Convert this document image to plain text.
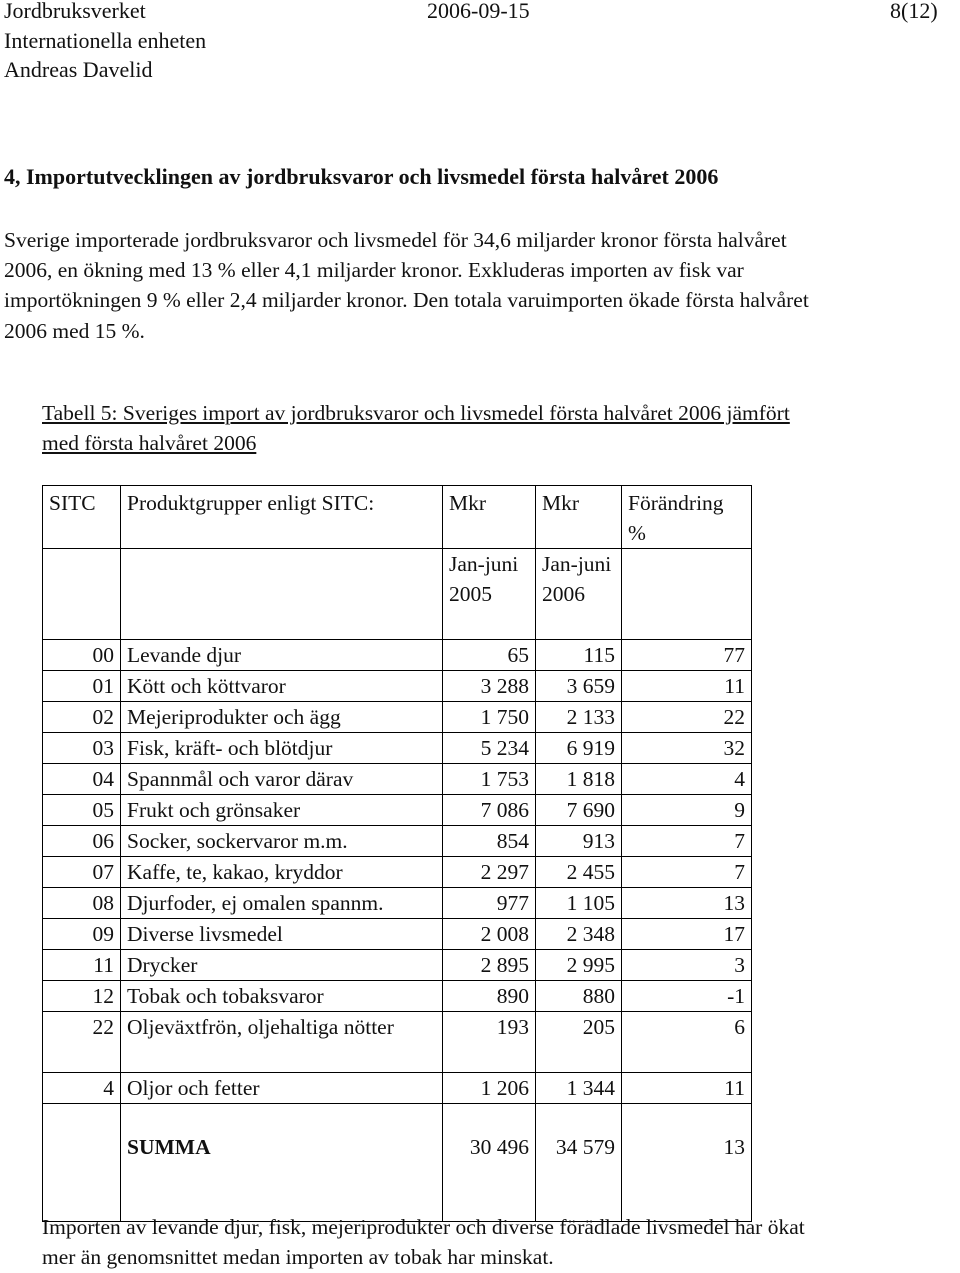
Jordbruksverket
Internationella enheten
Andreas Davelid
2006-09-15	8(12)
4, Importutvecklingen av jordbruksvaror och livsmedel första halvåret 2006
Sverige importerade jordbruksvaror och livsmedel för 34,6 miljarder kronor första halvåret
2006, en ökning med 13 % eller 4,1 miljarder kronor. Exkluderas importen av fisk var
importökningen 9 % eller 2,4 miljarder kronor. Den totala varuimporten ökade första halvåret
2006 med 15 %.
Tabell 5: Sveriges import av jordbruksvaror och livsmedel första halvåret 2006 jämfört
med första halvåret 2006
SITC	Produktgrupper enligt SITC:	Mkr	Mkr	Förändring %
		Jan-juni 2005	Jan-juni 2006	
00	Levande djur	65	115	77
01	Kött och köttvaror	3 288	3 659	11
02	Mejeriprodukter och ägg	1 750	2 133	22
03	Fisk, kräft- och blötdjur	5 234	6 919	32
04	Spannmål och varor därav	1 753	1 818	4
05	Frukt och grönsaker	7 086	7 690	9
06	Socker, sockervaror m.m.	854	913	7
07	Kaffe, te, kakao, kryddor	2 297	2 455	7
08	Djurfoder, ej omalen spannm.	977	1 105	13
09	Diverse livsmedel	2 008	2 348	17
11	Drycker	2 895	2 995	3
12	Tobak och tobaksvaror	890	880	-1
22	Oljeväxtfrön, oljehaltiga nötter	193	205	6
4	Oljor och fetter	1 206	1 344	11
	SUMMA	30 496	34 579	13
Importen av levande djur, fisk, mejeriprodukter och diverse förädlade livsmedel har ökat
mer än genomsnittet medan importen av tobak har minskat.
